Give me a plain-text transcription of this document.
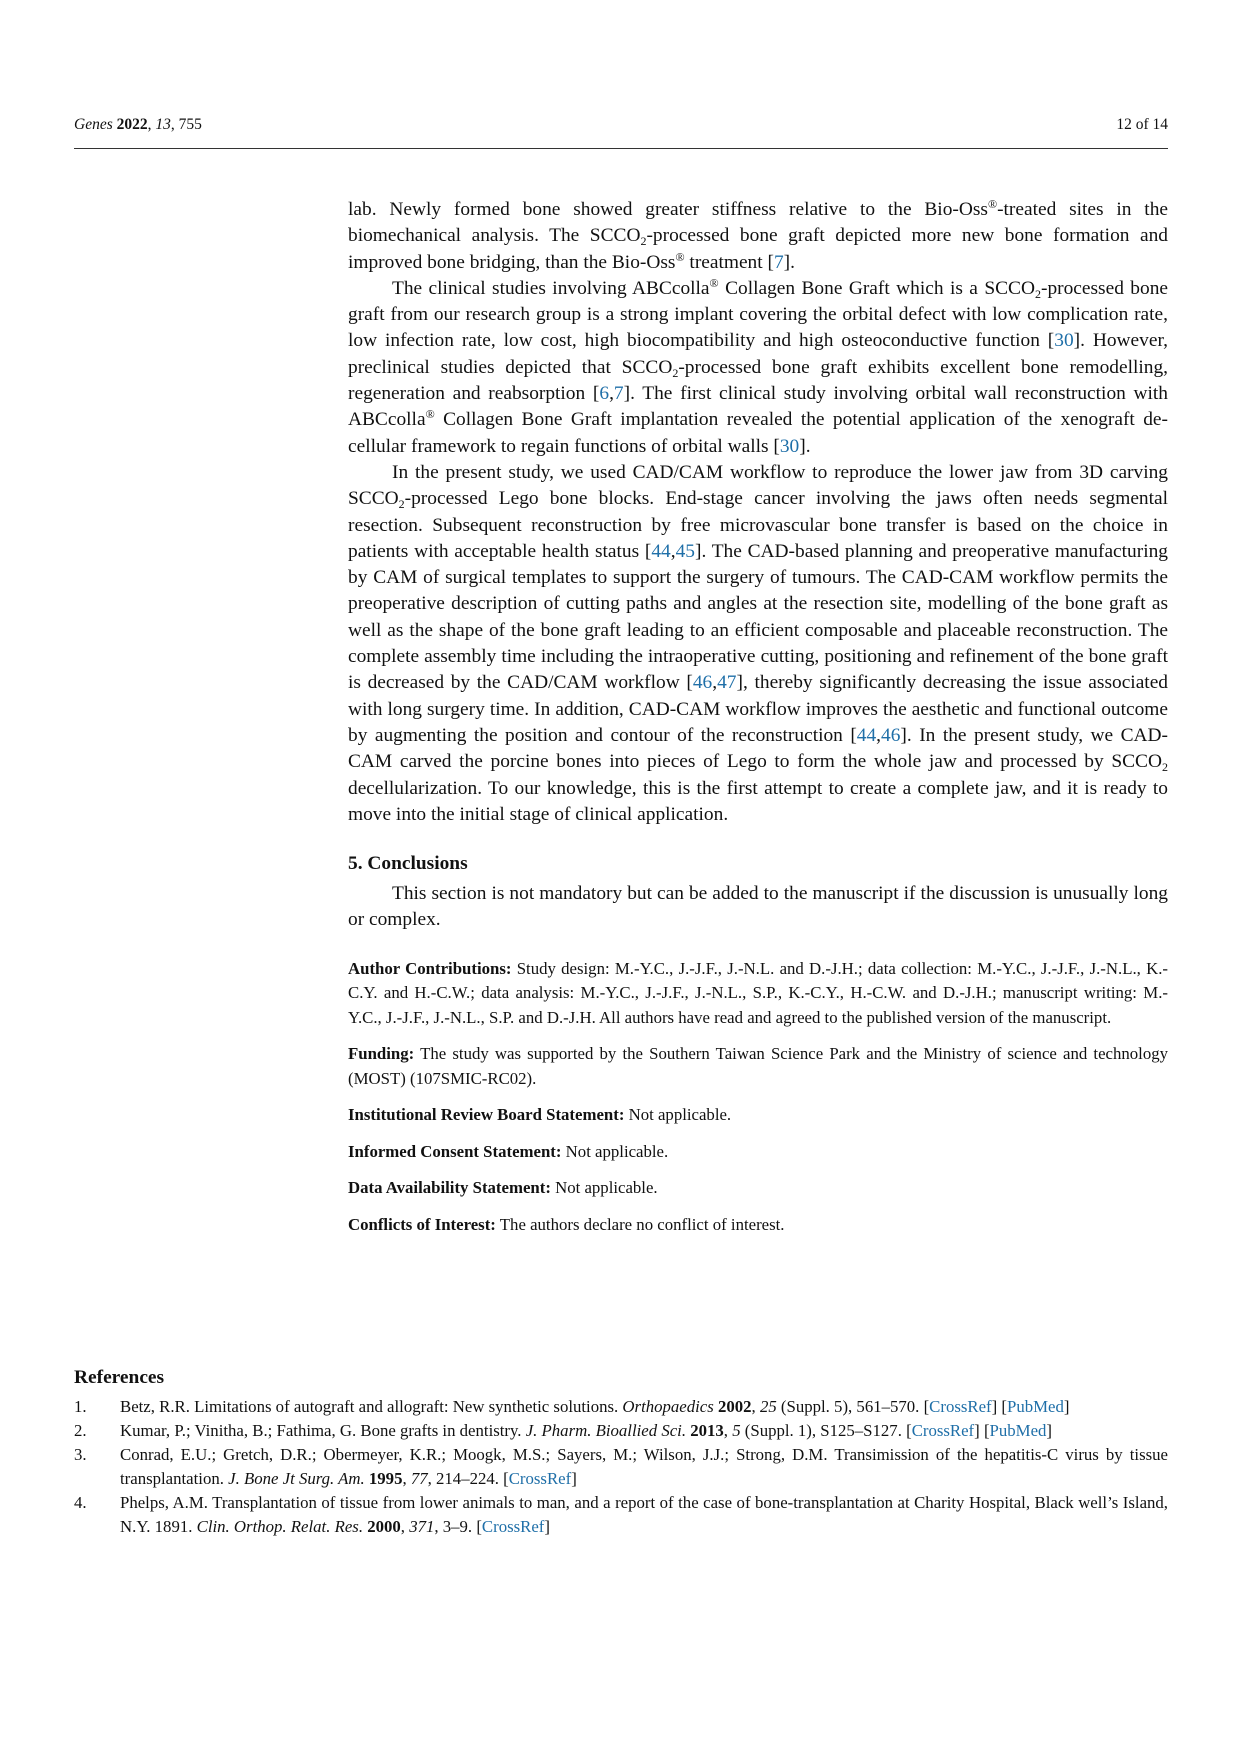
Genes 2022, 13, 755	12 of 14

lab. Newly formed bone showed greater stiffness relative to the Bio-Oss®-treated sites in the biomechanical analysis. The $SCCO_2$-processed bone graft depicted more new bone formation and improved bone bridging, than the Bio-Oss® treatment [7].

The clinical studies involving ABCcolla® Collagen Bone Graft which is a $SCCO_2$-processed bone graft from our research group is a strong implant covering the orbital defect with low complication rate, low infection rate, low cost, high biocompatibility and high osteoconductive function [30]. However, preclinical studies depicted that $SCCO_2$-processed bone graft exhibits excellent bone remodelling, regeneration and reabsorption [6,7]. The first clinical study involving orbital wall reconstruction with ABCcolla® Collagen Bone Graft implantation revealed the potential application of the xenograft de-cellular framework to regain functions of orbital walls [30].

In the present study, we used CAD/CAM workflow to reproduce the lower jaw from 3D carving $SCCO_2$-processed Lego bone blocks. End-stage cancer involving the jaws often needs segmental resection. Subsequent reconstruction by free microvascular bone transfer is based on the choice in patients with acceptable health status [44,45]. The CAD-based planning and preoperative manufacturing by CAM of surgical templates to support the surgery of tumours. The CAD-CAM workflow permits the preoperative description of cutting paths and angles at the resection site, modelling of the bone graft as well as the shape of the bone graft leading to an efficient composable and placeable reconstruction. The complete assembly time including the intraoperative cutting, positioning and refinement of the bone graft is decreased by the CAD/CAM workflow [46,47], thereby significantly decreasing the issue associated with long surgery time. In addition, CAD-CAM workflow improves the aesthetic and functional outcome by augmenting the position and contour of the reconstruction [44,46]. In the present study, we CAD-CAM carved the porcine bones into pieces of Lego to form the whole jaw and processed by $SCCO_2$ decellularization. To our knowledge, this is the first attempt to create a complete jaw, and it is ready to move into the initial stage of clinical application.

5. Conclusions

This section is not mandatory but can be added to the manuscript if the discussion is unusually long or complex.

Author Contributions: Study design: M.-Y.C., J.-J.F., J.-N.L. and D.-J.H.; data collection: M.-Y.C., J.-J.F., J.-N.L., K.-C.Y. and H.-C.W.; data analysis: M.-Y.C., J.-J.F., J.-N.L., S.P., K.-C.Y., H.-C.W. and D.-J.H.; manuscript writing: M.-Y.C., J.-J.F., J.-N.L., S.P. and D.-J.H. All authors have read and agreed to the published version of the manuscript.

Funding: The study was supported by the Southern Taiwan Science Park and the Ministry of science and technology (MOST) (107SMIC-RC02).

Institutional Review Board Statement: Not applicable.

Informed Consent Statement: Not applicable.

Data Availability Statement: Not applicable.

Conflicts of Interest: The authors declare no conflict of interest.

References
1. Betz, R.R. Limitations of autograft and allograft: New synthetic solutions. Orthopaedics 2002, 25 (Suppl. 5), 561–570. [CrossRef] [PubMed]
2. Kumar, P.; Vinitha, B.; Fathima, G. Bone grafts in dentistry. J. Pharm. Bioallied Sci. 2013, 5 (Suppl. 1), S125–S127. [CrossRef] [PubMed]
3. Conrad, E.U.; Gretch, D.R.; Obermeyer, K.R.; Moogk, M.S.; Sayers, M.; Wilson, J.J.; Strong, D.M. Transimission of the hepatitis-C virus by tissue transplantation. J. Bone Jt Surg. Am. 1995, 77, 214–224. [CrossRef]
4. Phelps, A.M. Transplantation of tissue from lower animals to man, and a report of the case of bone-transplantation at Charity Hospital, Black well’s Island, N.Y. 1891. Clin. Orthop. Relat. Res. 2000, 371, 3–9. [CrossRef]
